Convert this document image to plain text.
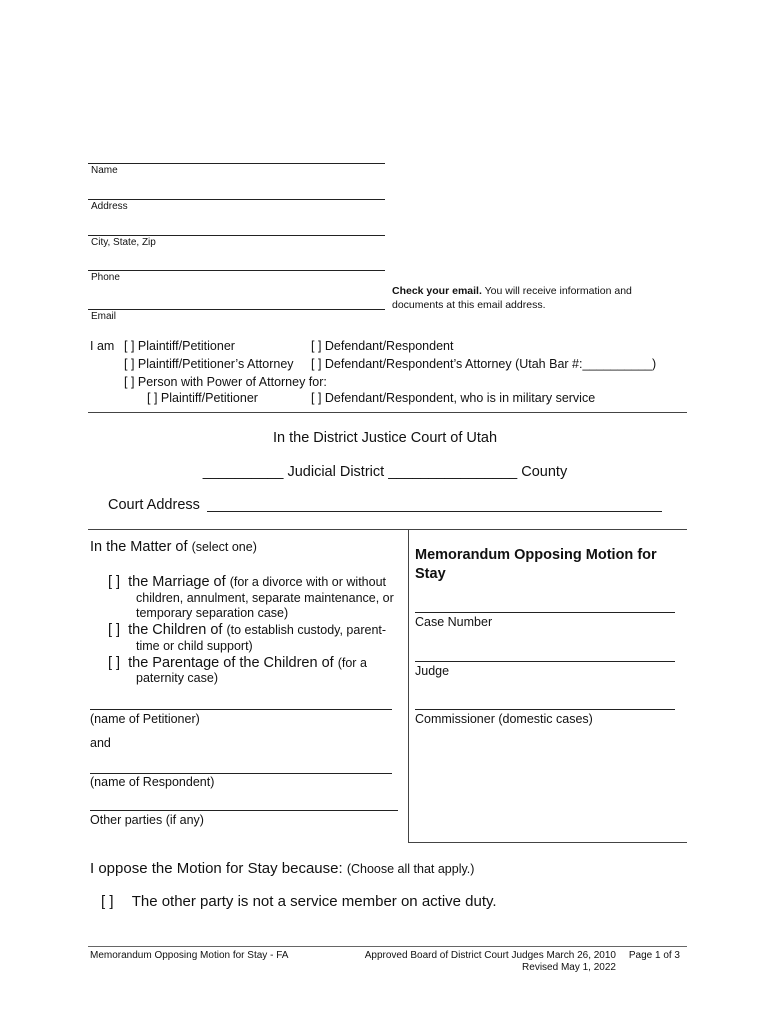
Name
Address
City, State, Zip
Phone
Check your email. You will receive information and
documents at this email address.
Email
I am [ ] Plaintiff/Petitioner	[ ] Defendant/Respondent
[ ] Plaintiff/Petitioner’s Attorney [ ] Defendant/Respondent’s Attorney (Utah Bar #:__________)
[ ] Person with Power of Attorney for:
[ ] Plaintiff/Petitioner	[ ] Defendant/Respondent, who is in military service
In the District Justice Court of Utah
__________ Judicial District ________________ County
Court Address
In the Matter of (select one)
[ ] the Marriage of (for a divorce with or without
children, annulment, separate maintenance, or
temporary separation case)
[ ] the Children of (to establish custody, parent-
time or child support)
[ ] the Parentage of the Children of (for a
paternity case)
(name of Petitioner)
and
(name of Respondent)
Other parties (if any)
Memorandum Opposing Motion for
Stay
Case Number
Judge
Commissioner (domestic cases)
I oppose the Motion for Stay because: (Choose all that apply.)
[ ] The other party is not a service member on active duty.
Memorandum Opposing Motion for Stay - FA	Approved Board of District Court Judges March 26, 2010
Revised May 1, 2022
Page 1 of 3
